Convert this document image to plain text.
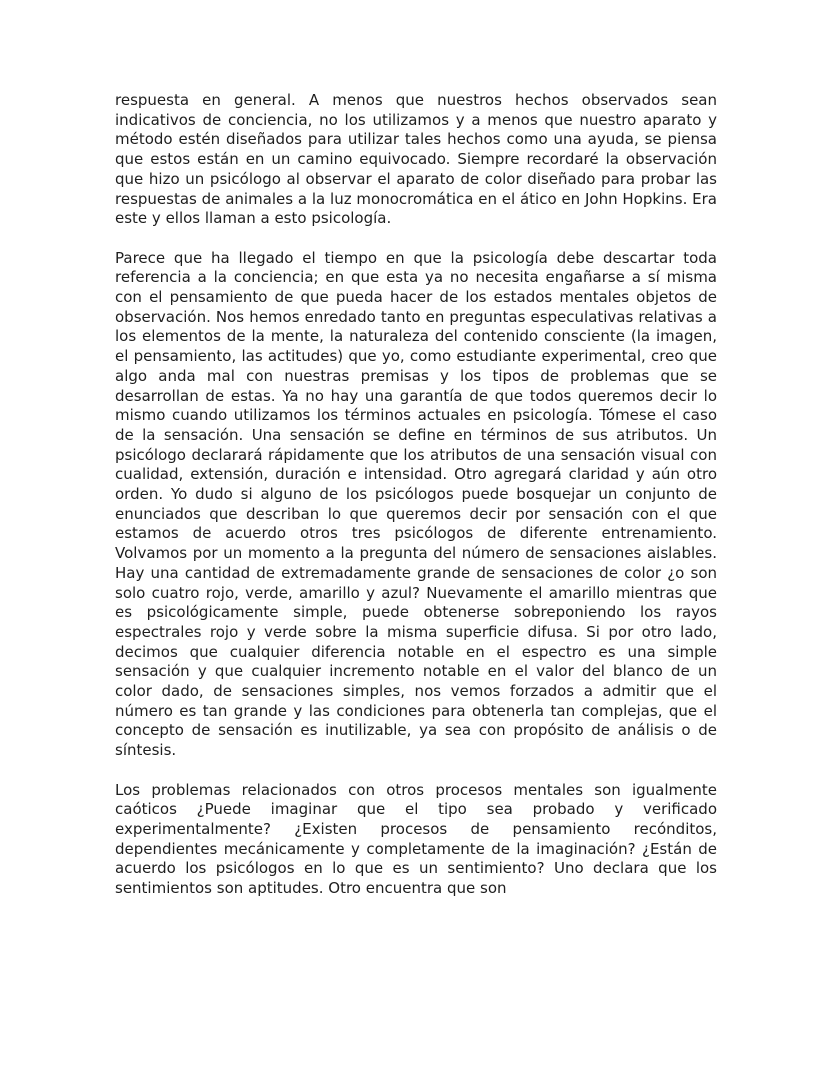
respuesta en general. A menos que nuestros hechos observados sean indicativos de conciencia, no los utilizamos y a menos que nuestro aparato y método estén diseñados para utilizar tales hechos como una ayuda, se piensa que estos están en un camino equivocado. Siempre recordaré la observación que hizo un psicólogo al observar el aparato de color diseñado para probar las respuestas de animales a la luz monocromática en el ático en John Hopkins. Era este y ellos llaman a esto psicología.

Parece que ha llegado el tiempo en que la psicología debe descartar toda referencia a la conciencia; en que esta ya no necesita engañarse a sí misma con el pensamiento de que pueda hacer de los estados mentales objetos de observación. Nos hemos enredado tanto en preguntas especulativas relativas a los elementos de la mente, la naturaleza del contenido consciente (la imagen, el pensamiento, las actitudes) que yo, como estudiante experimental, creo que algo anda mal con nuestras premisas y los tipos de problemas que se desarrollan de estas. Ya no hay una garantía de que todos queremos decir lo mismo cuando utilizamos los términos actuales en psicología. Tómese el caso de la sensación. Una sensación se define en términos de sus atributos. Un psicólogo declarará rápidamente que los atributos de una sensación visual con cualidad, extensión, duración e intensidad. Otro agregará claridad y aún otro orden. Yo dudo si alguno de los psicólogos puede bosquejar un conjunto de enunciados que describan lo que queremos decir por sensación con el que estamos de acuerdo otros tres psicólogos de diferente entrenamiento. Volvamos por un momento a la pregunta del número de sensaciones aislables. Hay una cantidad de extremadamente grande de sensaciones de color ¿o son solo cuatro rojo, verde, amarillo y azul? Nuevamente el amarillo mientras que es psicológicamente simple, puede obtenerse sobreponiendo los rayos espectrales rojo y verde sobre la misma superficie difusa. Si por otro lado, decimos que cualquier diferencia notable en el espectro es una simple sensación y que cualquier incremento notable en el valor del blanco de un color dado, de sensaciones simples, nos vemos forzados a admitir que el número es tan grande y las condiciones para obtenerla tan complejas, que el concepto de sensación es inutilizable, ya sea con propósito de análisis o de síntesis.

Los problemas relacionados con otros procesos mentales son igualmente caóticos ¿Puede imaginar que el tipo sea probado y verificado experimentalmente? ¿Existen procesos de pensamiento recónditos, dependientes mecánicamente y completamente de la imaginación? ¿Están de acuerdo los psicólogos en lo que es un sentimiento? Uno declara que los sentimientos son aptitudes. Otro encuentra que son
